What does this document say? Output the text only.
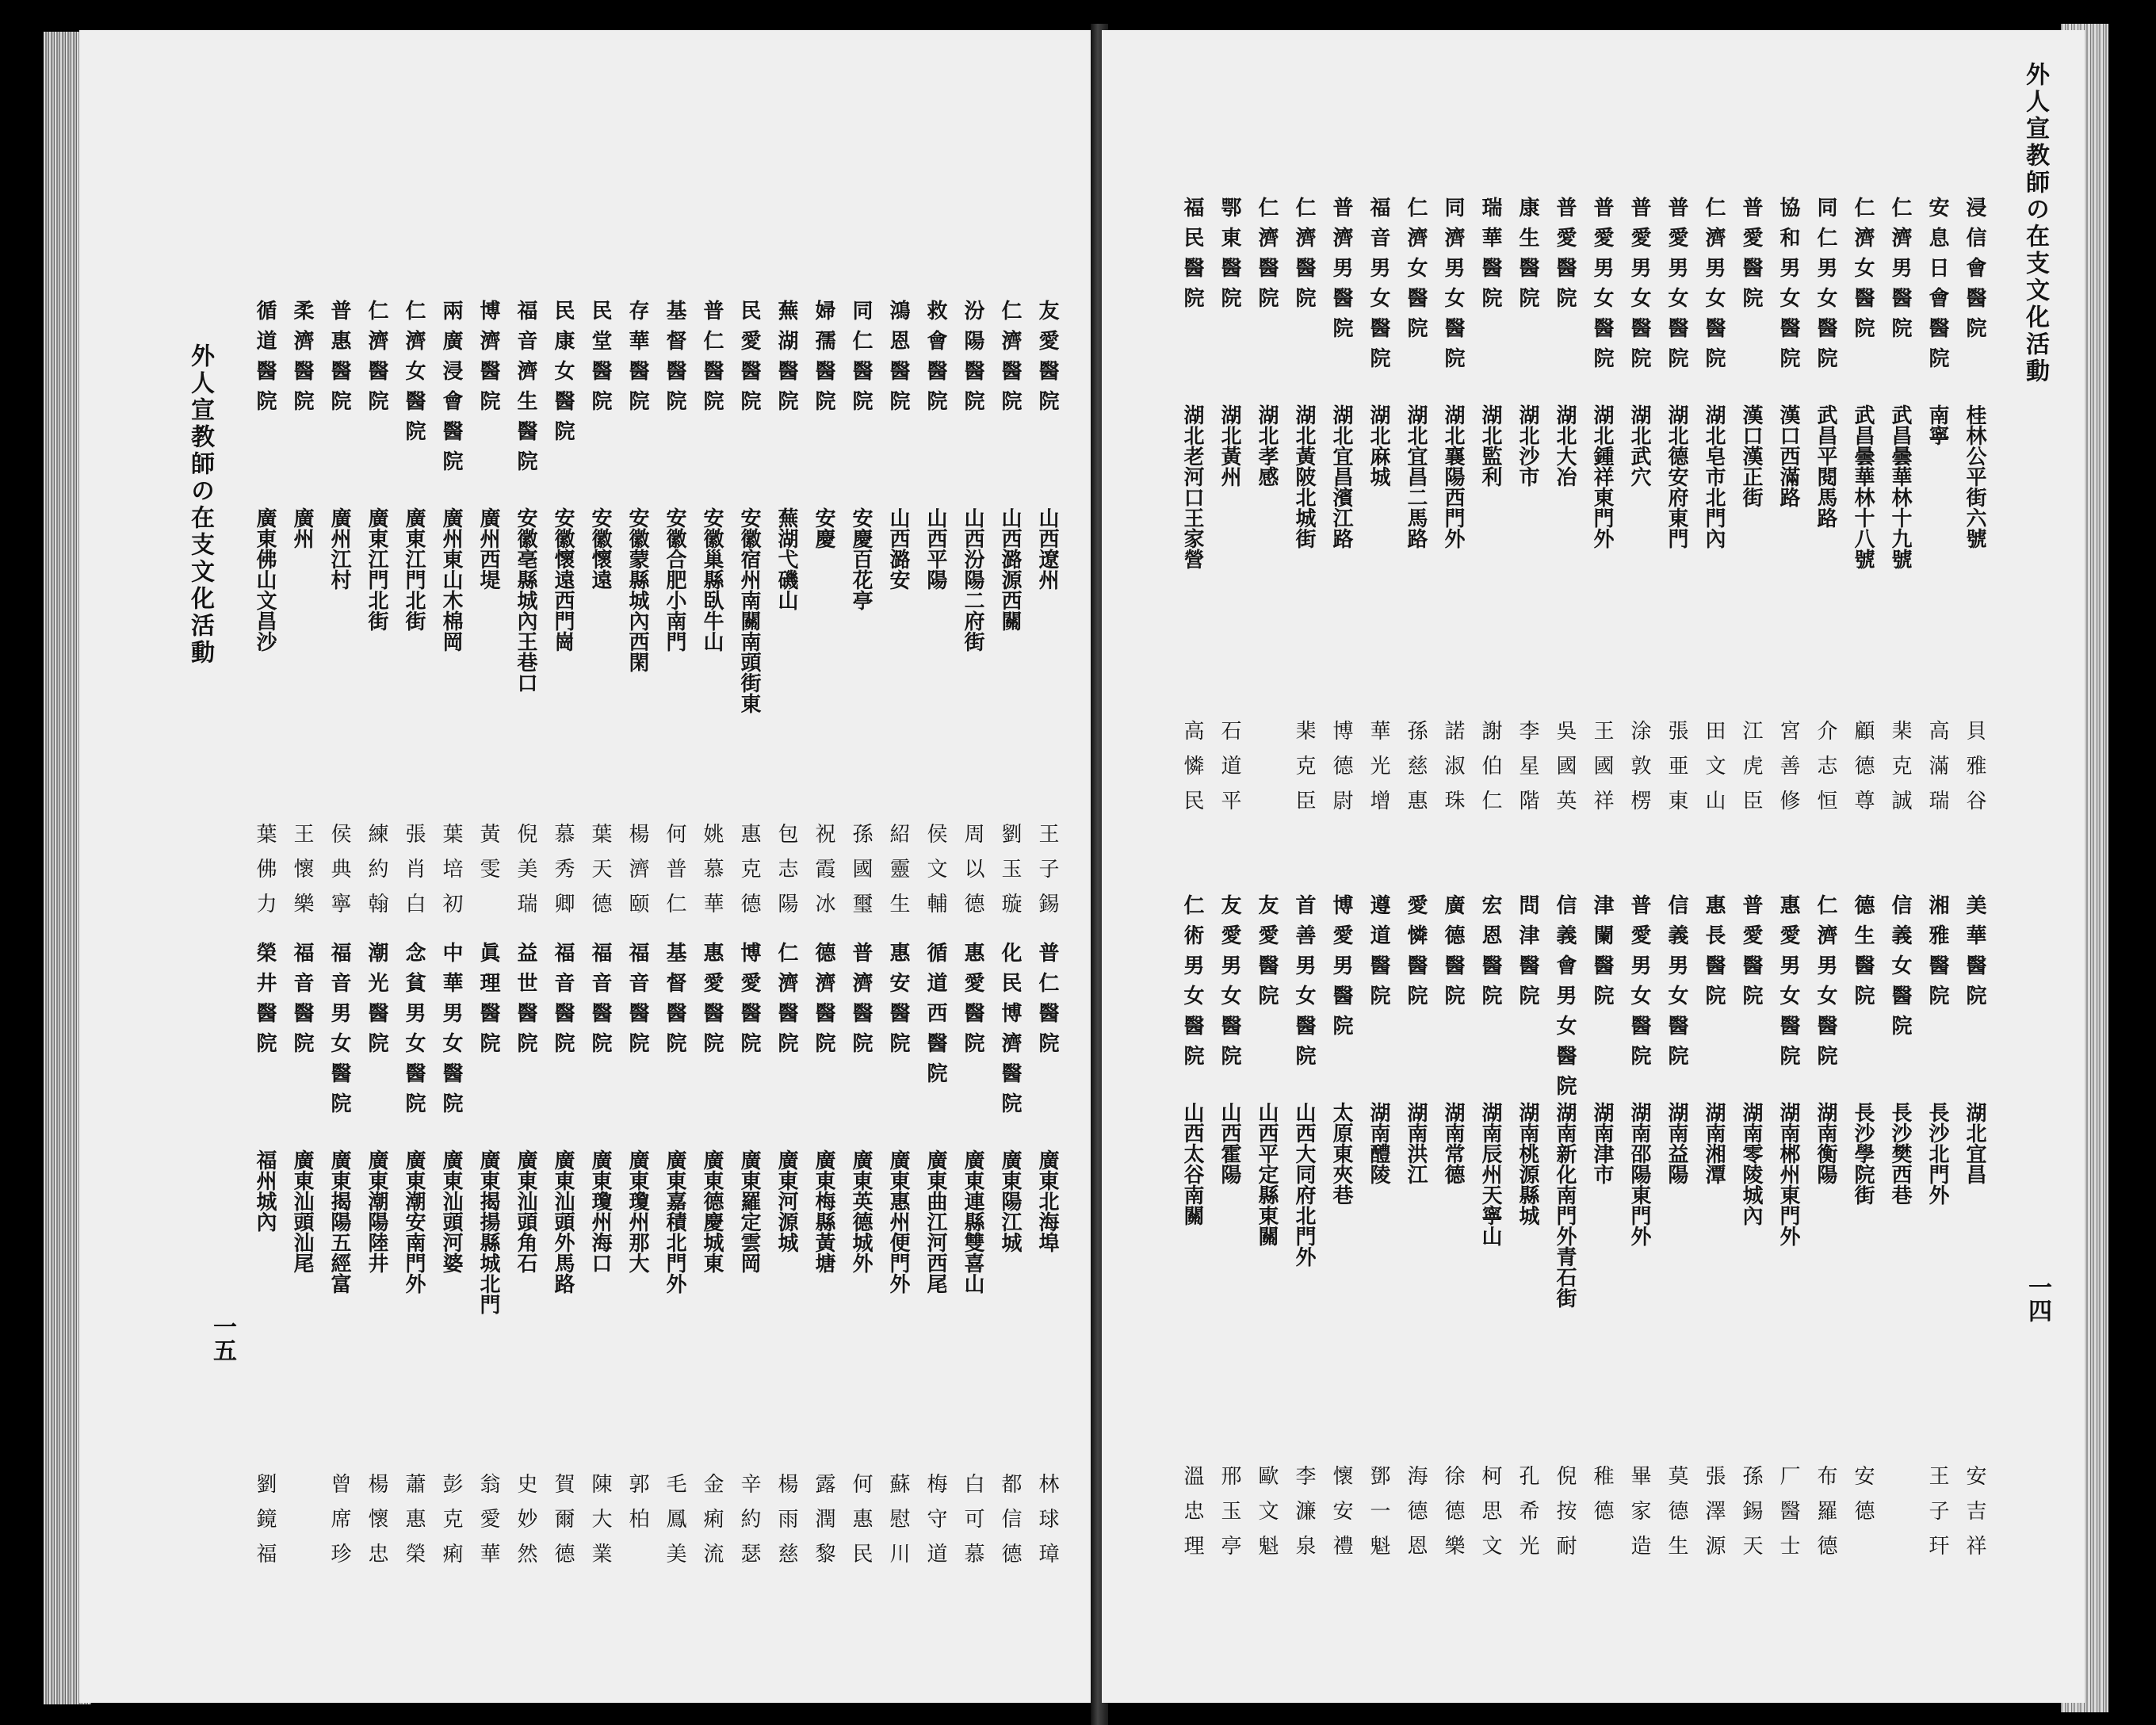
外人宣教師の在支文化活動
一五
友愛醫院
山西遼州
王子錫
仁濟醫院
山西潞源西關
劉玉璇
汾陽醫院
山西汾陽二府街
周以德
救會醫院
山西平陽
侯文輔
鴻恩醫院
山西潞安
紹靈生
同仁醫院
安慶百花亭
孫國璽
婦孺醫院
安慶
祝霞冰
蕪湖醫院
蕪湖弋磯山
包志陽
民愛醫院
安徽宿州南關南頭街東
惠克德
普仁醫院
安徽巢縣臥牛山
姚慕華
基督醫院
安徽合肥小南門
何普仁
存華醫院
安徽蒙縣城內西閑
楊濟颐
民堂醫院
安徽懷遠
葉天德
民康女醫院
安徽懷遠西門崗
慕秀卿
福音濟生醫院
安徽亳縣城內王巷口
倪美瑞
博濟醫院
廣州西堤
黃雯
兩廣浸會醫院
廣州東山木棉岡
葉培初
仁濟女醫院
廣東江門北街
張肖白
仁濟醫院
廣東江門北街
練約翰
普惠醫院
廣州江村
侯典寧
柔濟醫院
廣州
王懷樂
循道醫院
廣東佛山文昌沙
葉佛力
普仁醫院
廣東北海埠
化民博濟醫院
廣東陽江城
惠愛醫院
廣東連縣雙喜山
循道西醫院
廣東曲江河西尾
惠安醫院
廣東惠州便門外
普濟醫院
廣東英德城外
德濟醫院
廣東梅縣黃塘
仁濟醫院
廣東河源城
博愛醫院
廣東羅定雲岡
惠愛醫院
廣東德慶城東
基督醫院
廣東嘉積北門外
福音醫院
廣東瓊州那大
福音醫院
廣東瓊州海口
福音醫院
廣東汕頭外馬路
益世醫院
廣東汕頭角石
眞理醫院
廣東揭揚縣城北門
中華男女醫院
廣東汕頭河婆
念貧男女醫院
廣東潮安南門外
潮光醫院
廣東潮陽陸井
福音男女醫院
廣東揭陽五經富
福音醫院
廣東汕頭汕尾
榮井醫院
福州城內
林球璋
都信德
白可慕
梅守道
蘇慰川
何惠民
露潤黎
楊雨慈
辛約瑟
金痢流
毛鳳美
郭柏
陳大業
賀爾德
史妙然
翁愛華
彭克痢
蕭惠榮
楊懷忠
曾席珍
劉鏡福
外人宣教師の在支文化活動
一四
浸信會醫院
桂林公平街六號
貝雅谷
安息日會醫院
南寧
高滿瑞
仁濟男醫院
武昌曇華林十九號
棐克誠
仁濟女醫院
武昌曇華林十八號
顧德尊
同仁男女醫院
武昌平閱馬路
介志恒
協和男女醫院
漢口西滿路
宮善修
普愛醫院
漢口漢正街
江虎臣
仁濟男女醫院
湖北皂市北門內
田文山
普愛男女醫院
湖北德安府東門
張亜東
普愛男女醫院
湖北武穴
涂敦楞
普愛男女醫院
湖北鍾祥東門外
王國祥
普愛醫院
湖北大冶
吳國英
康生醫院
湖北沙市
李星階
瑞華醫院
湖北監利
謝伯仁
同濟男女醫院
湖北襄陽西門外
諾淑珠
仁濟女醫院
湖北宜昌二馬路
孫慈惠
福音男女醫院
湖北麻城
華光增
普濟男醫院
湖北宜昌濱江路
博德尉
仁濟醫院
湖北黃陂北城街
棐克臣
仁濟醫院
湖北孝感
鄂東醫院
湖北黃州
石道平
福民醫院
湖北老河口王家營
高憐民
美華醫院
湖北宜昌
湘雅醫院
長沙北門外
信義女醫院
長沙樊西巷
德生醫院
長沙學院街
仁濟男女醫院
湖南衡陽
惠愛男女醫院
湖南郴州東門外
普愛醫院
湖南零陵城內
惠長醫院
湖南湘潭
信義男女醫院
湖南益陽
普愛男女醫院
湖南邵陽東門外
津闌醫院
湖南津市
信義會男女醫院
湖南新化南門外青石街
問津醫院
湖南桃源縣城
宏恩醫院
湖南辰州天寧山
廣德醫院
湖南常德
愛憐醫院
湖南洪江
遵道醫院
湖南醴陵
博愛男醫院
太原東夾巷
首善男女醫院
山西大同府北門外
友愛醫院
山西平定縣東關
友愛男女醫院
山西霍陽
仁術男女醫院
山西太谷南關
安吉祥
王子玕
安德
布羅德
厂醫士
孫錫天
張澤源
莫德生
畢家造
稚德
倪按耐
孔希光
柯思文
徐德樂
海德恩
鄧一魁
懷安禮
李濂泉
歐文魁
邢玉亭
溫忠理
